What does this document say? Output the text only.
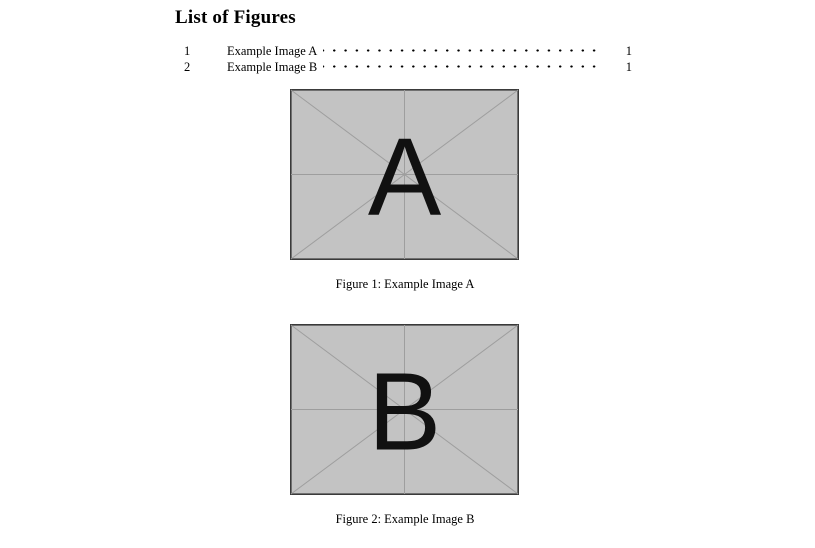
List of Figures
1	Example Image A	1
2	Example Image B	1
A
Figure 1: Example Image A
B
Figure 2: Example Image B
